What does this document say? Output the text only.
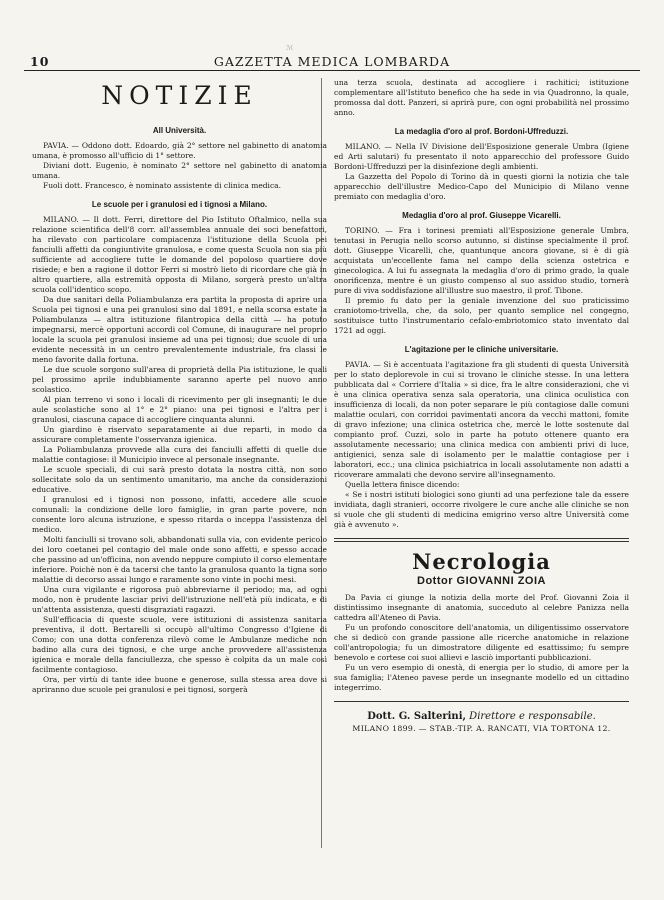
ℳ
10	GAZZETTA MEDICA LOMBARDA
NOTIZIE
All Università.

PAVIA. — Oddono dott. Edoardo, già 2° settore nel gabinetto di anatomia umana, è promosso all'ufficio di 1° settore.

Diviani dott. Eugenio, è nominato 2° settore nel gabinetto di anatomia umana.

Fuoli dott. Francesco, è nominato assistente di clinica medica.

Le scuole per i granulosi ed i tignosi a Milano.

MILANO. — Il dott. Ferri, direttore del Pio Istituto Oftalmico, nella sua relazione scientifica dell'8 corr. all'assemblea annuale dei soci benefattori, ha rilevato con particolare compiacenza l'istituzione della Scuola pei fanciulli affetti da congiuntivite granulosa, e come questa Scuola non sia più sufficiente ad accogliere tutte le domande del popoloso quartiere dove risiede; e ben a ragione il dottor Ferri si mostrò lieto di ricordare che già in altro quartiere, alla estremità opposta di Milano, sorgerà presto un'altra scuola coll'identico scopo.

Da due sanitari della Poliambulanza era partita la proposta di aprire una Scuola pei tignosi e una pei granulosi sino dal 1891, e nella scorsa estate la Poliambulanza — altra istituzione filantropica della città — ha potuto impegnarsi, mercè opportuni accordi col Comune, di inaugurare nel proprio locale la scuola pei granulosi insieme ad una pei tignosi; due scuole di una evidente necessità in un centro prevalentemente industriale, fra classi le meno favorite dalla fortuna.

Le due scuole sorgono sull'area di proprietà della Pia istituzione, le quali pel prossimo aprile indubbiamente saranno aperte pel nuovo anno scolastico.

Al pian terreno vi sono i locali di ricevimento per gli insegnanti; le due aule scolastiche sono al 1° e 2° piano: una pei tignosi e l'altra per i granulosi, ciascuna capace di accogliere cinquanta alunni.

Un giardino è riservato separatamente ai due reparti, in modo da assicurare completamente l'osservanza igienica.

La Poliambulanza provvede alla cura dei fanciulli affetti di quelle due malattie contagiose: il Municipio invece al personale insegnante.

Le scuole speciali, di cui sarà presto dotata la nostra città, non sono sollecitate solo da un sentimento umanitario, ma anche da considerazioni educative.

I granulosi ed i tignosi non possono, infatti, accedere alle scuole comunali: la condizione delle loro famiglie, in gran parte povere, non consente loro alcuna istruzione, e spesso ritarda o inceppa l'assistenza del medico.

Molti fanciulli si trovano soli, abbandonati sulla via, con evidente pericolo dei loro coetanei pel contagio del male onde sono affetti, e spesso accade che passino ad un'officina, non avendo neppure compiuto il corso elementare inferiore. Poichè non è da tacersi che tanto la granulosa quanto la tigna sono malattie di decorso assai lungo e raramente sono vinte in pochi mesi.

Una cura vigilante e rigorosa può abbreviarne il periodo; ma, ad ogni modo, non è prudente lasciar privi dell'istruzione nell'età più indicata, e di un'attenta assistenza, questi disgraziati ragazzi.

Sull'efficacia di queste scuole, vere istituzioni di assistenza sanitaria preventiva, il dott. Bertarelli si occupò all'ultimo Congresso d'Igiene di Como; con una dotta conferenza rilevò come le Ambulanze mediche non badino alla cura dei tignosi, e che urge anche provvedere all'assistenza igienica e morale della fanciullezza, che spesso è colpita da un male così facilmente contagioso.

Ora, per virtù di tante idee buone e generose, sulla stessa area dove si apriranno due scuole pei granulosi e pei tignosi, sorgerà

una terza scuola, destinata ad accogliere i rachitici; istituzione complementare all'Istituto benefico che ha sede in via Quadronno, la quale, promossa dal dott. Panzeri, si aprirà pure, con ogni probabilità nel prossimo anno.

La medaglia d'oro al prof. Bordoni-Uffreduzzi.

MILANO. — Nella IV Divisione dell'Esposizione generale Umbra (Igiene ed Arti salutari) fu presentato il noto apparecchio del professore Guido Bordoni-Uffreduzzi per la disinfezione degli ambienti.

La Gazzetta del Popolo di Torino dà in questi giorni la notizia che tale apparecchio dell'illustre Medico-Capo del Municipio di Milano venne premiato con medaglia d'oro.

Medaglia d'oro al prof. Giuseppe Vicarelli.

TORINO. — Fra i torinesi premiati all'Esposizione generale Umbra, tenutasi in Perugia nello scorso autunno, si distinse specialmente il prof. dott. Giuseppe Vicarelli, che, quantunque ancora giovane, si è di già acquistata un'eccellente fama nel campo della scienza ostetrica e ginecologica. A lui fu assegnata la medaglia d'oro di primo grado, la quale onorificenza, mentre è un giusto compenso al suo assiduo studio, tornerà pure di viva soddisfazione all'illustre suo maestro, il prof. Tibone.

Il premio fu dato per la geniale invenzione del suo praticissimo craniotomo-trivella, che, da solo, per quanto semplice nel congegno, sostituisce tutto l'instrumentario cefalo-embriotomico stato inventato dal 1721 ad oggi.

L'agitazione per le cliniche universitarie.

PAVIA. — Si è accentuata l'agitazione fra gli studenti di questa Università per lo stato deplorevole in cui si trovano le cliniche stesse. In una lettera pubblicata dal « Corriere d'Italia » si dice, fra le altre considerazioni, che vi è una clinica operativa senza sala operatoria, una clinica oculistica con insufficienza di locali, da non poter separare le più contagiose dalle comuni malattie oculari, con corridoi pavimentati ancora da vecchi mattoni, fomite di gravo infezione; una clinica ostetrica che, mercè le lotte sostenute dal compianto prof. Cuzzi, solo in parte ha potuto ottenere quanto era assolutamente necessario; una clinica medica con ambienti privi di luce, antigienici, senza sale di isolamento per le malattie contagiose per i laboratori, ecc.; una clinica psichiatrica in locali assolutamente non adatti a ricoverare ammalati che devono servire all'insegnamento.

Quella lettera finisce dicendo:

« Se i nostri istituti biologici sono giunti ad una perfezione tale da essere invidiata, dagli stranieri, occorre rivolgere le cure anche alle cliniche se non si vuole che gli studenti di medicina emigrino verso altre Università come già è avvenuto ».

Necrologia
Dottor GIOVANNI ZOIA

Da Pavia ci giunge la notizia della morte del Prof. Giovanni Zoia il distintissimo insegnante di anatomia, succeduto al celebre Panizza nella cattedra all'Ateneo di Pavia.

Fu un profondo conoscitore dell'anatomia, un diligentissimo osservatore che si dedicò con grande passione alle ricerche anatomiche in relazione coll'antropologia; fu un dimostratore diligente ed esattissimo; fu sempre benevolo e cortese coi suoi allievi e lasciò importanti pubblicazioni.

Fu un vero esempio di onestà, di energia per lo studio, di amore per la sua famiglia; l'Ateneo pavese perde un insegnante modello ed un cittadino integerrimo.

Dott. G. Salterini, Direttore e responsabile.
MILANO 1899. — STAB.-TIP. A. RANCATI, VIA TORTONA 12.
